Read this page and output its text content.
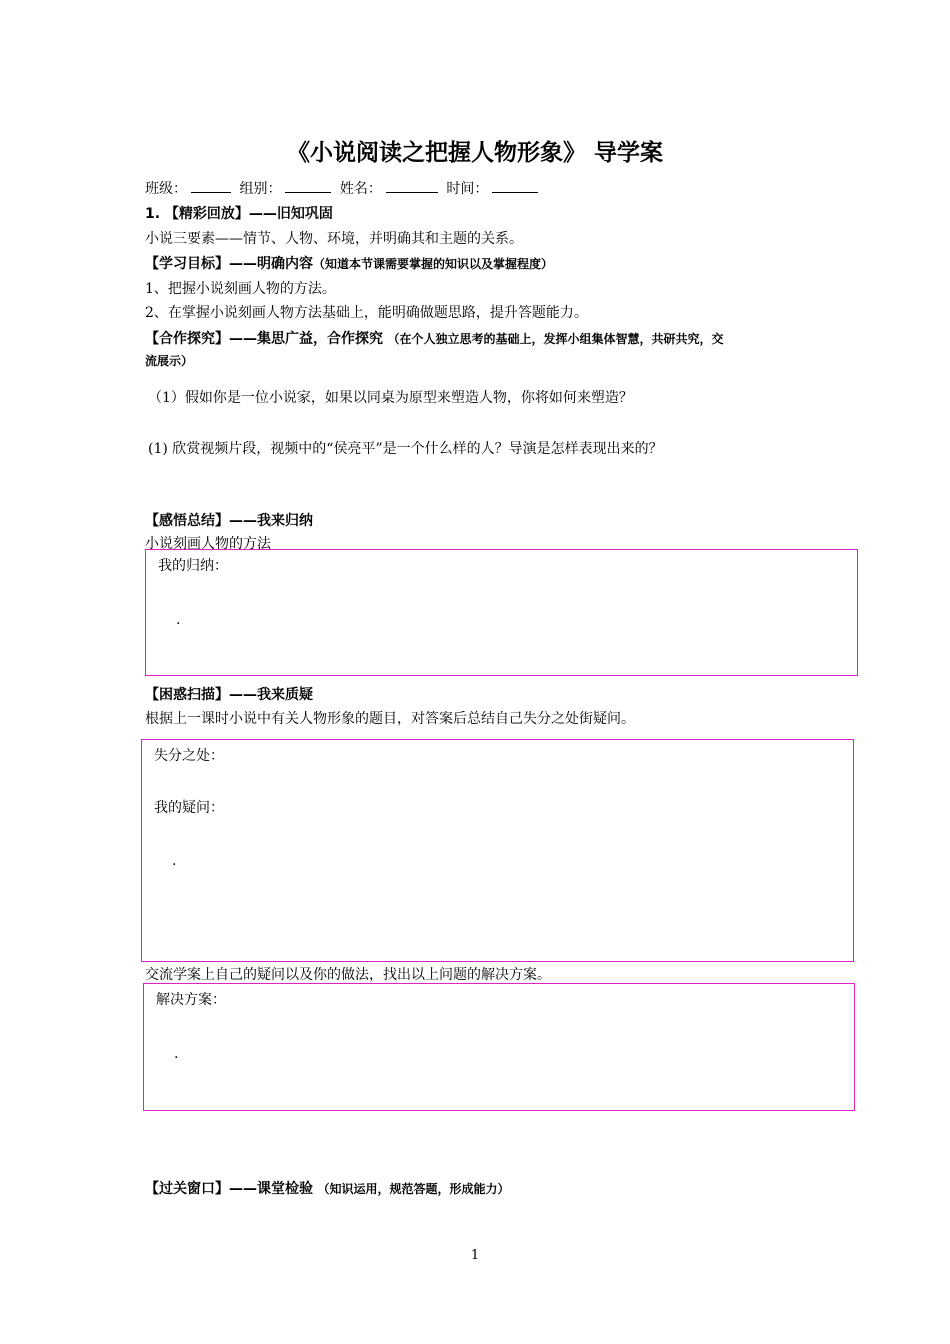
《小说阅读之把握人物形象》 导学案
班级：	组别：	姓名：	时间：
1. 【精彩回放】——旧知巩固
小说三要素——情节、人物、环境，并明确其和主题的关系。
【学习目标】——明确内容（知道本节课需要掌握的知识以及掌握程度）
1、把握小说刻画人物的方法。
2、在掌握小说刻画人物方法基础上，能明确做题思路，提升答题能力。
【合作探究】——集思广益，合作探究 （在个人独立思考的基础上，发挥小组集体智慧，共研共究，交
流展示）
（1）假如你是一位小说家，如果以同桌为原型来塑造人物，你将如何来塑造？
(1) 欣赏视频片段，视频中的“侯亮平”是一个什么样的人？导演是怎样表现出来的？
【感悟总结】——我来归纳
小说刻画人物的方法
我的归纳：
.
【困惑扫描】——我来质疑
根据上一课时小说中有关人物形象的题目，对答案后总结自己失分之处街疑问。
失分之处：
我的疑问：
.
交流学案上自己的疑问以及你的做法，找出以上问题的解决方案。
解决方案：
.
【过关窗口】——课堂检验 （知识运用，规范答题，形成能力）
1
